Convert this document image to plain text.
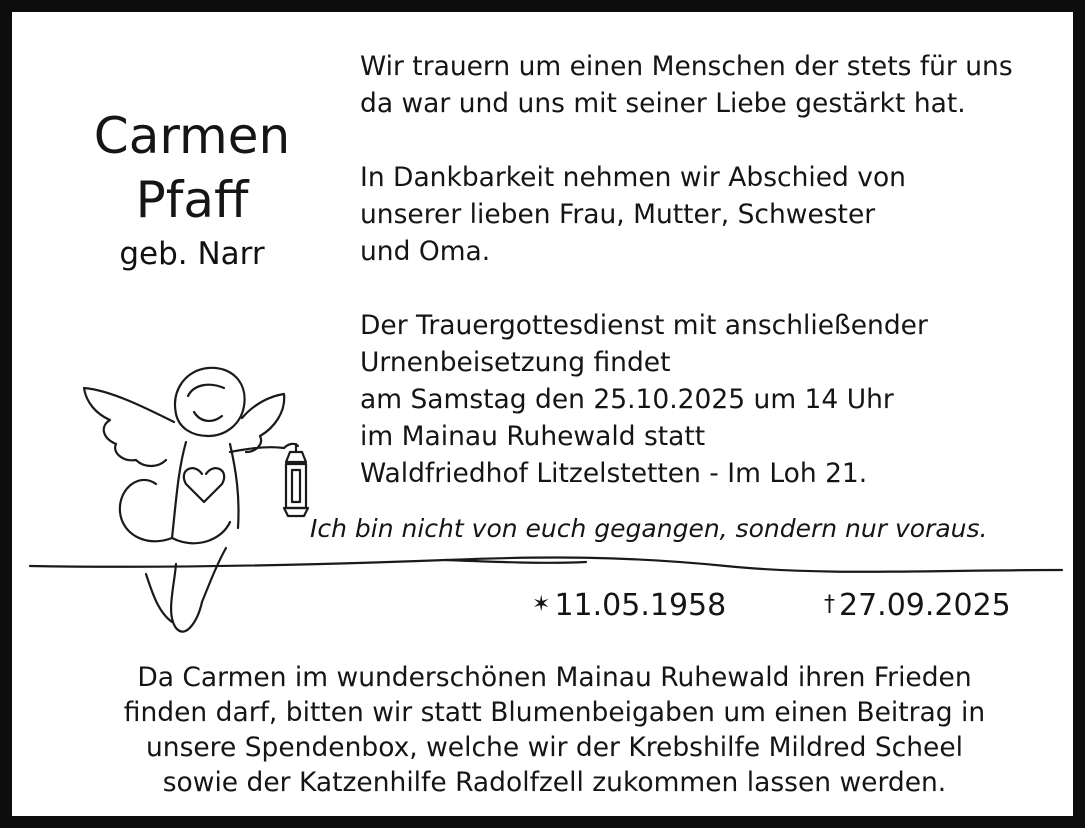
Carmen
Pfaff
geb. Narr

Wir trauern um einen Menschen der stets für uns
da war und uns mit seiner Liebe gestärkt hat.

In Dankbarkeit nehmen wir Abschied von
unserer lieben Frau, Mutter, Schwester
und Oma.

Der Trauergottesdienst mit anschließender
Urnenbeisetzung findet
am Samstag den 25.10.2025 um 14 Uhr
im Mainau Ruhewald statt
Waldfriedhof Litzelstetten - Im Loh 21.

Ich bin nicht von euch gegangen, sondern nur voraus.
✶ 11.05.1958	† 27.09.2025
Da Carmen im wunderschönen Mainau Ruhewald ihren Frieden
finden darf, bitten wir statt Blumenbeigaben um einen Beitrag in
unsere Spendenbox, welche wir der Krebshilfe Mildred Scheel
sowie der Katzenhilfe Radolfzell zukommen lassen werden.
